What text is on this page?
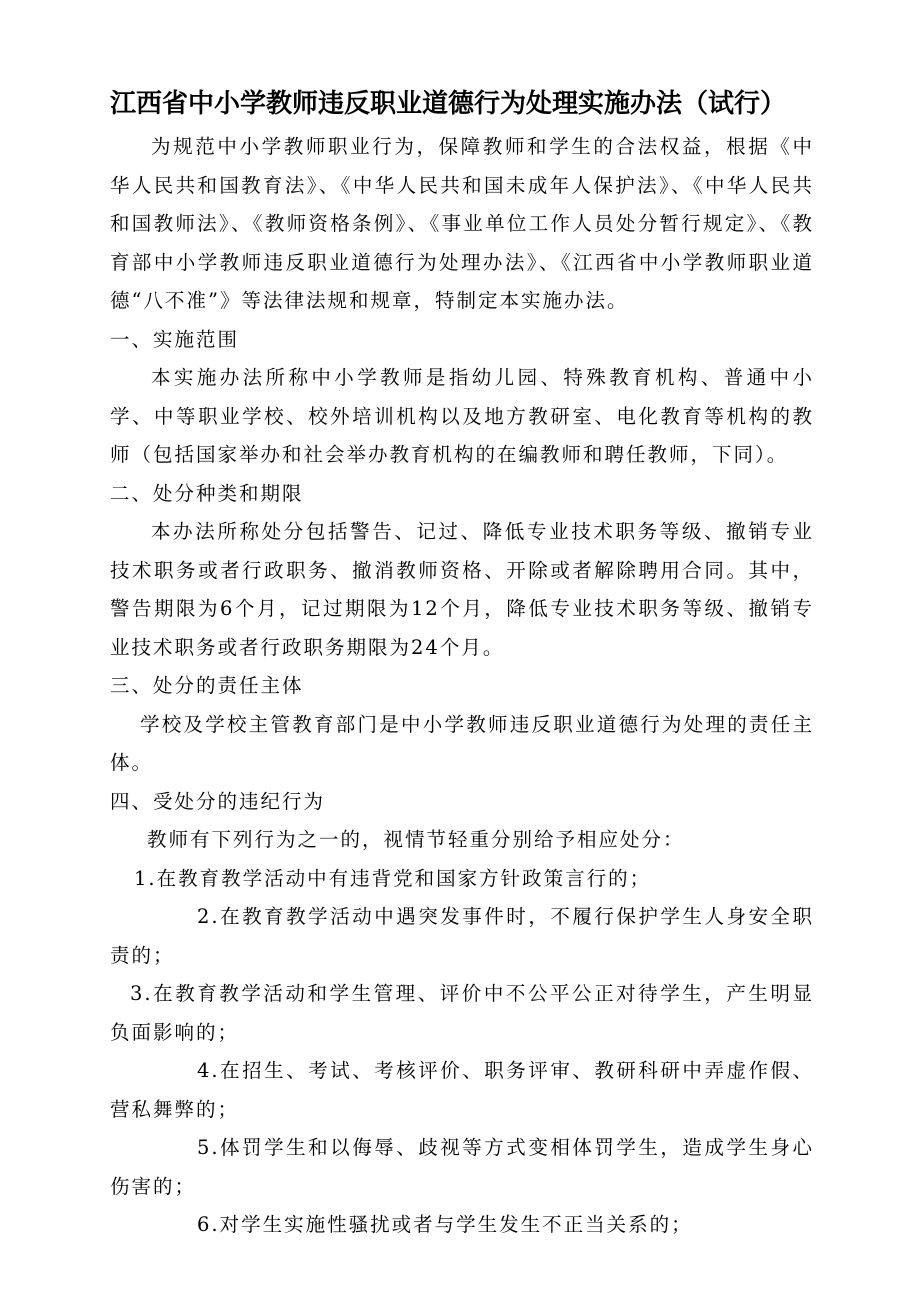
江西省中小学教师违反职业道德行为处理实施办法（试行）

为规范中小学教师职业行为，保障教师和学生的合法权益，根据《中华人民共和国教育法》、《中华人民共和国未成年人保护法》、《中华人民共和国教师法》、《教师资格条例》、《事业单位工作人员处分暂行规定》、《教育部中小学教师违反职业道德行为处理办法》、《江西省中小学教师职业道德“八不准”》等法律法规和规章，特制定本实施办法。

一、实施范围

本实施办法所称中小学教师是指幼儿园、特殊教育机构、普通中小学、中等职业学校、校外培训机构以及地方教研室、电化教育等机构的教师（包括国家举办和社会举办教育机构的在编教师和聘任教师，下同）。

二、处分种类和期限

本办法所称处分包括警告、记过、降低专业技术职务等级、撤销专业技术职务或者行政职务、撤消教师资格、开除或者解除聘用合同。其中，警告期限为6个月，记过期限为12个月，降低专业技术职务等级、撤销专业技术职务或者行政职务期限为24个月。

三、处分的责任主体

学校及学校主管教育部门是中小学教师违反职业道德行为处理的责任主体。

四、受处分的违纪行为

教师有下列行为之一的，视情节轻重分别给予相应处分：

1.在教育教学活动中有违背党和国家方针政策言行的；

2.在教育教学活动中遇突发事件时，不履行保护学生人身安全职责的；

3.在教育教学活动和学生管理、评价中不公平公正对待学生，产生明显负面影响的；

4.在招生、考试、考核评价、职务评审、教研科研中弄虚作假、营私舞弊的；

5.体罚学生和以侮辱、歧视等方式变相体罚学生，造成学生身心伤害的；

6.对学生实施性骚扰或者与学生发生不正当关系的；
